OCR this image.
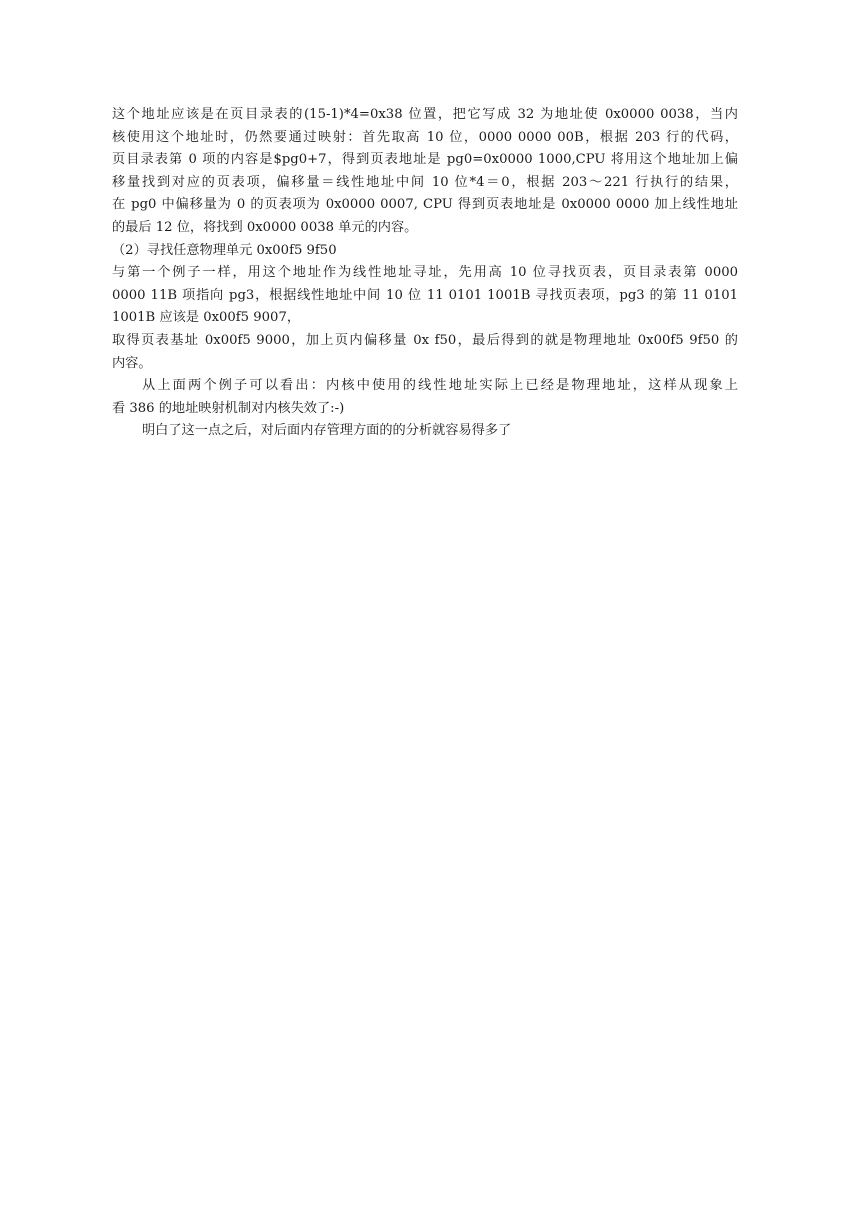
这个地址应该是在页目录表的(15-1)*4=0x38 位置，把它写成 32 为地址使 0x0000 0038，当内
核使用这个地址时，仍然要通过映射：首先取高 10 位，0000 0000 00B，根据 203 行的代码，
页目录表第 0 项的内容是$pg0+7，得到页表地址是 pg0=0x0000 1000,CPU 将用这个地址加上偏
移量找到对应的页表项，偏移量＝线性地址中间 10 位*4＝0，根据 203～221 行执行的结果，
在 pg0 中偏移量为 0 的页表项为 0x0000 0007, CPU 得到页表地址是 0x0000 0000 加上线性地址
的最后 12 位，将找到 0x0000 0038 单元的内容。
（2）寻找任意物理单元 0x00f5 9f50
与第一个例子一样，用这个地址作为线性地址寻址，先用高 10 位寻找页表，页目录表第 0000
0000 11B 项指向 pg3，根据线性地址中间 10 位 11 0101 1001B 寻找页表项，pg3 的第 11 0101
1001B 应该是 0x00f5 9007，
取得页表基址 0x00f5 9000，加上页内偏移量 0x f50，最后得到的就是物理地址 0x00f5 9f50 的
内容。
从上面两个例子可以看出：内核中使用的线性地址实际上已经是物理地址，这样从现象上
看 386 的地址映射机制对内核失效了:-)
明白了这一点之后，对后面内存管理方面的的分析就容易得多了
